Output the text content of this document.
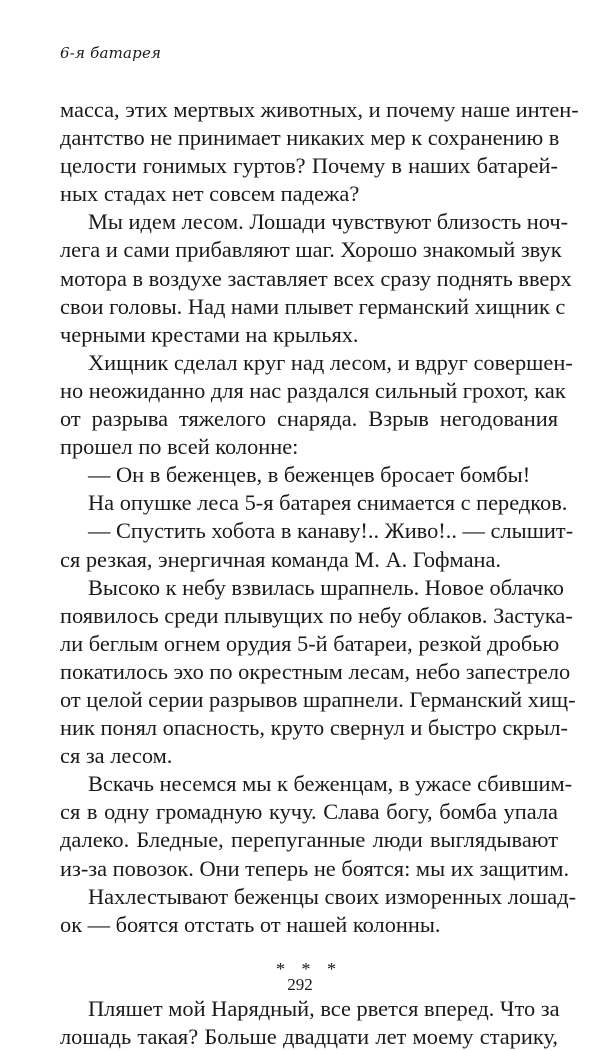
6-я батарея
масса, этих мертвых животных, и почему наше интен-
дантство не принимает никаких мер к сохранению в
целости гонимых гуртов? Почему в наших батарей-
ных стадах нет совсем падежа?
Мы идем лесом. Лошади чувствуют близость ноч-
лега и сами прибавляют шаг. Хорошо знакомый звук
мотора в воздухе заставляет всех сразу поднять вверх
свои головы. Над нами плывет германский хищник с
черными крестами на крыльях.
Хищник сделал круг над лесом, и вдруг совершен-
но неожиданно для нас раздался сильный грохот, как
от разрыва тяжелого снаряда. Взрыв негодования
прошел по всей колонне:
— Он в беженцев, в беженцев бросает бомбы!
На опушке леса 5-я батарея снимается с передков.
— Спустить хобота в канаву!.. Живо!.. — слышит-
ся резкая, энергичная команда М. А. Гофмана.
Высоко к небу взвилась шрапнель. Новое облачко
появилось среди плывущих по небу облаков. Застука-
ли беглым огнем орудия 5-й батареи, резкой дробью
покатилось эхо по окрестным лесам, небо запестрело
от целой серии разрывов шрапнели. Германский хищ-
ник понял опасность, круто свернул и быстро скрыл-
ся за лесом.
Вскачь несемся мы к беженцам, в ужасе сбившим-
ся в одну громадную кучу. Слава богу, бомба упала
далеко. Бледные, перепуганные люди выглядывают
из-за повозок. Они теперь не боятся: мы их защитим.
Нахлестывают беженцы своих изморенных лошад-
ок — боятся отстать от нашей колонны.
* * *
Пляшет мой Нарядный, все рвется вперед. Что за
лошадь такая? Больше двадцати лет моему старику,
292
